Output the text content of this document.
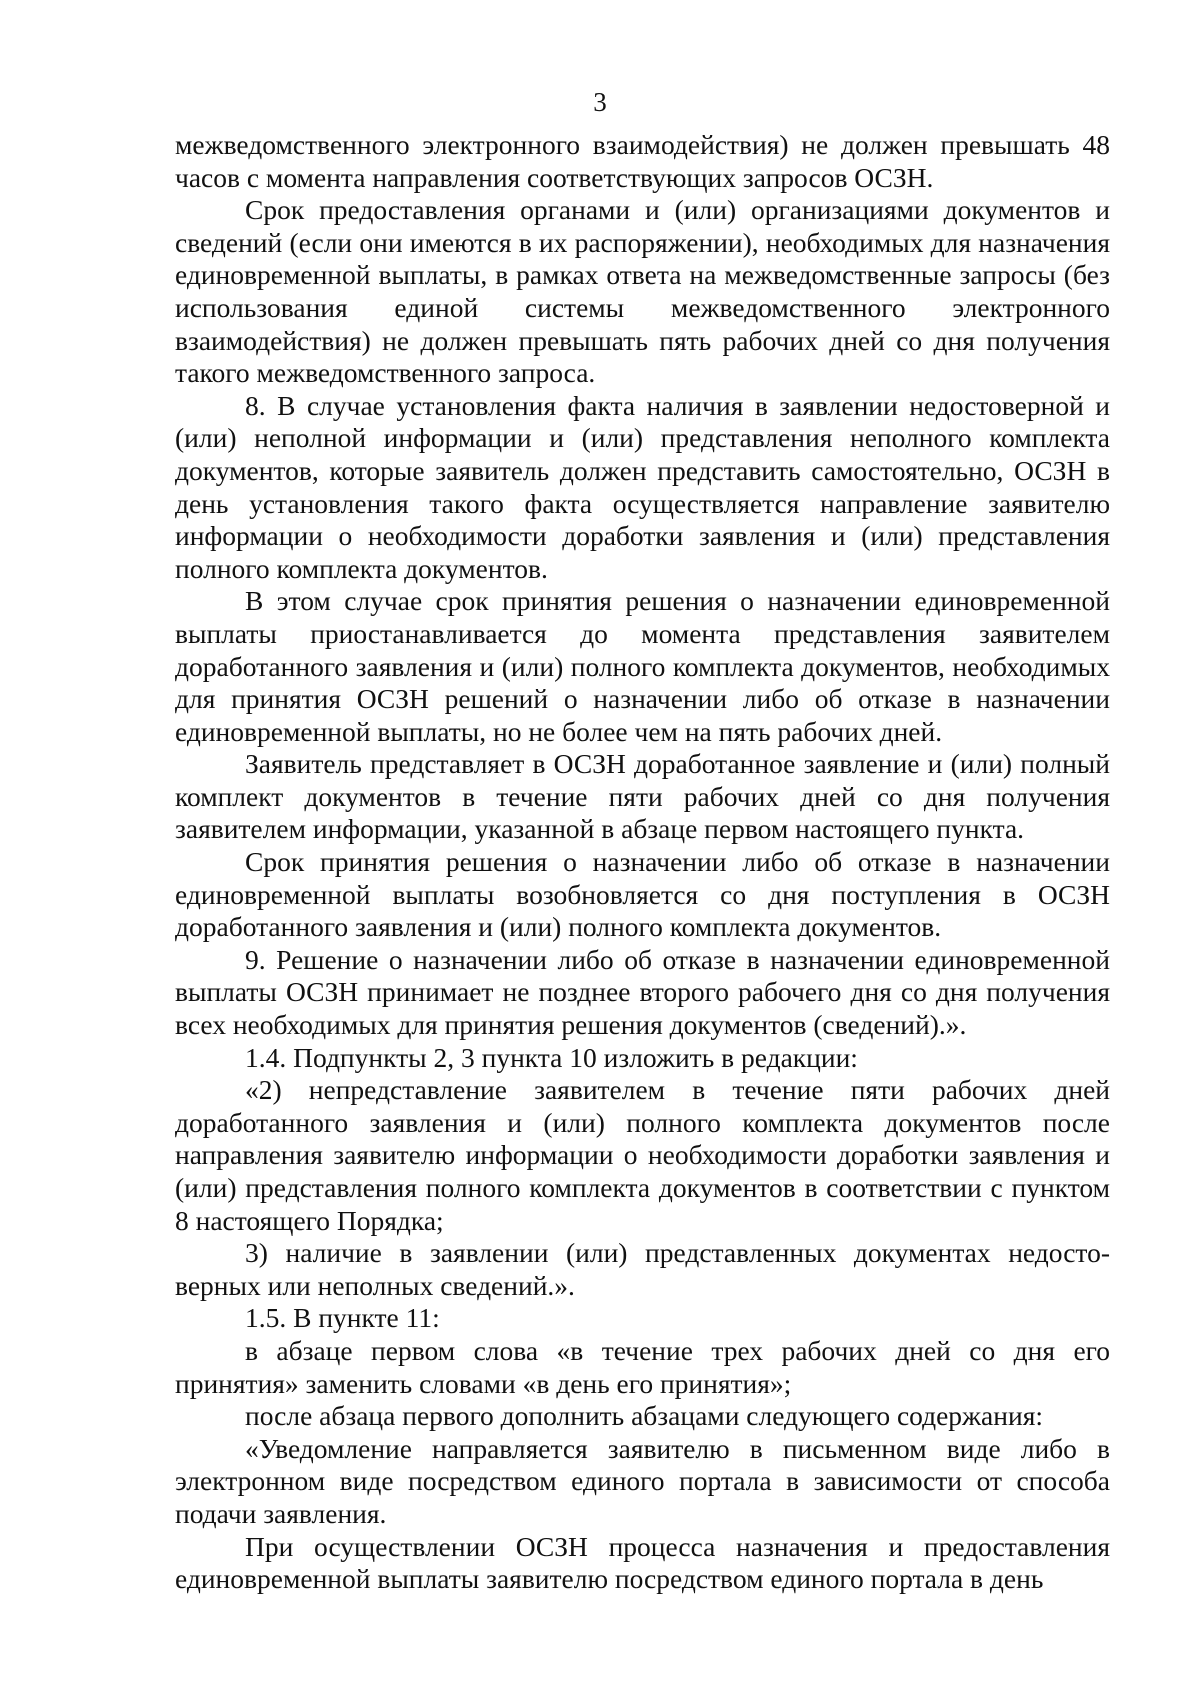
3

межведомственного электронного взаимодействия) не должен превышать 48 часов с момента направления соответствующих запросов ОСЗН.

Срок предоставления органами и (или) организациями документов и сведений (если они имеются в их распоряжении), необходимых для назначения единовременной выплаты, в рамках ответа на межведомственные запросы (без использования единой системы межведомственного электронного взаимодействия) не должен превышать пять рабочих дней со дня получения такого межведомственного запроса.

8. В случае установления факта наличия в заявлении недостоверной и (или) неполной информации и (или) представления неполного комплекта документов, которые заявитель должен представить самостоятельно, ОСЗН в день установления такого факта осуществляется направление заявителю информации о необходимости доработки заявления и (или) представления полного комплекта документов.

В этом случае срок принятия решения о назначении единовременной выплаты приостанавливается до момента представления заявителем доработанного заявления и (или) полного комплекта документов, необходимых для принятия ОСЗН решений о назначении либо об отказе в назначении единовременной выплаты, но не более чем на пять рабочих дней.

Заявитель представляет в ОСЗН доработанное заявление и (или) полный комплект документов в течение пяти рабочих дней со дня получения заявителем информации, указанной в абзаце первом настоящего пункта.

Срок принятия решения о назначении либо об отказе в назначении единовременной выплаты возобновляется со дня поступления в ОСЗН доработанного заявления и (или) полного комплекта документов.

9. Решение о назначении либо об отказе в назначении единовременной выплаты ОСЗН принимает не позднее второго рабочего дня со дня получения всех необходимых для принятия решения документов (сведений).».

1.4. Подпункты 2, 3 пункта 10 изложить в редакции:

«2) непредставление заявителем в течение пяти рабочих дней доработанного заявления и (или) полного комплекта документов после направления заявителю информации о необходимости доработки заявления и (или) представления полного комплекта документов в соответствии с пунктом 8 настоящего Порядка;

3) наличие в заявлении (или) представленных документах недостоверных или неполных сведений.».

1.5. В пункте 11:

в абзаце первом слова «в течение трех рабочих дней со дня его принятия» заменить словами «в день его принятия»;

после абзаца первого дополнить абзацами следующего содержания:

«Уведомление направляется заявителю в письменном виде либо в электронном виде посредством единого портала в зависимости от способа подачи заявления.

При осуществлении ОСЗН процесса назначения и предоставления единовременной выплаты заявителю посредством единого портала в день
